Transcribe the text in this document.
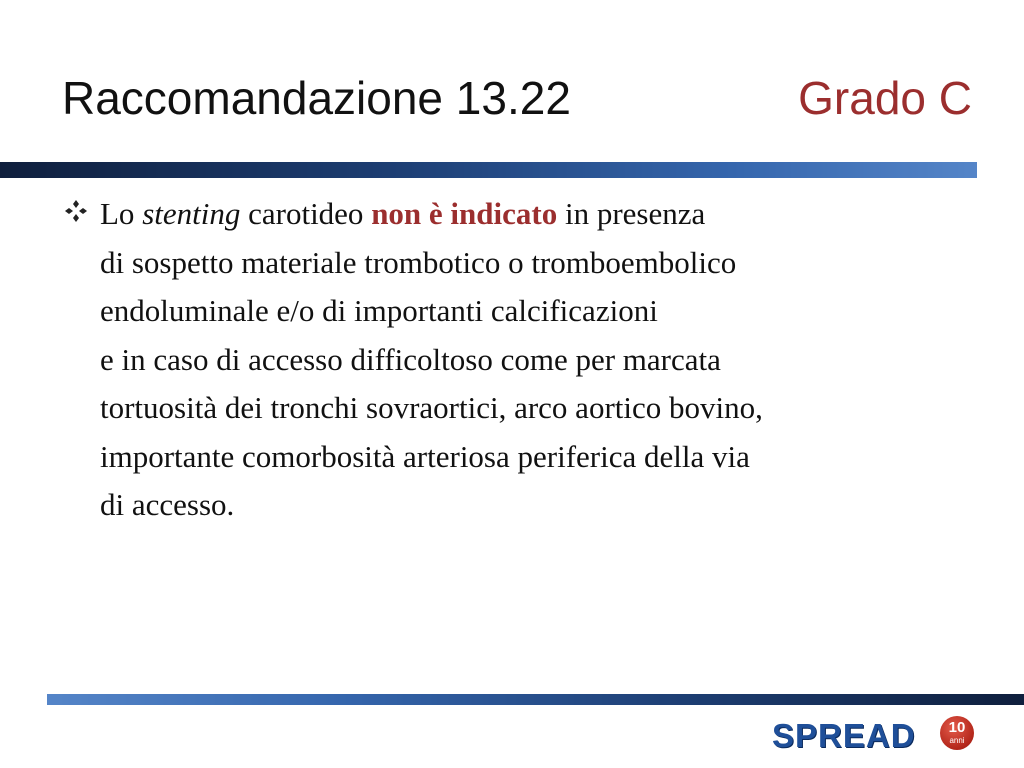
Raccomandazione 13.22	Grado C
Lo stenting carotideo non è indicato in presenza
di sospetto materiale trombotico o tromboembolico
endoluminale e/o di importanti calcificazioni
e in caso di accesso difficoltoso come per marcata
tortuosità dei tronchi sovraortici, arco aortico bovino,
importante comorbosità arteriosa periferica della via
di accesso.
SPREAD	10
anni
